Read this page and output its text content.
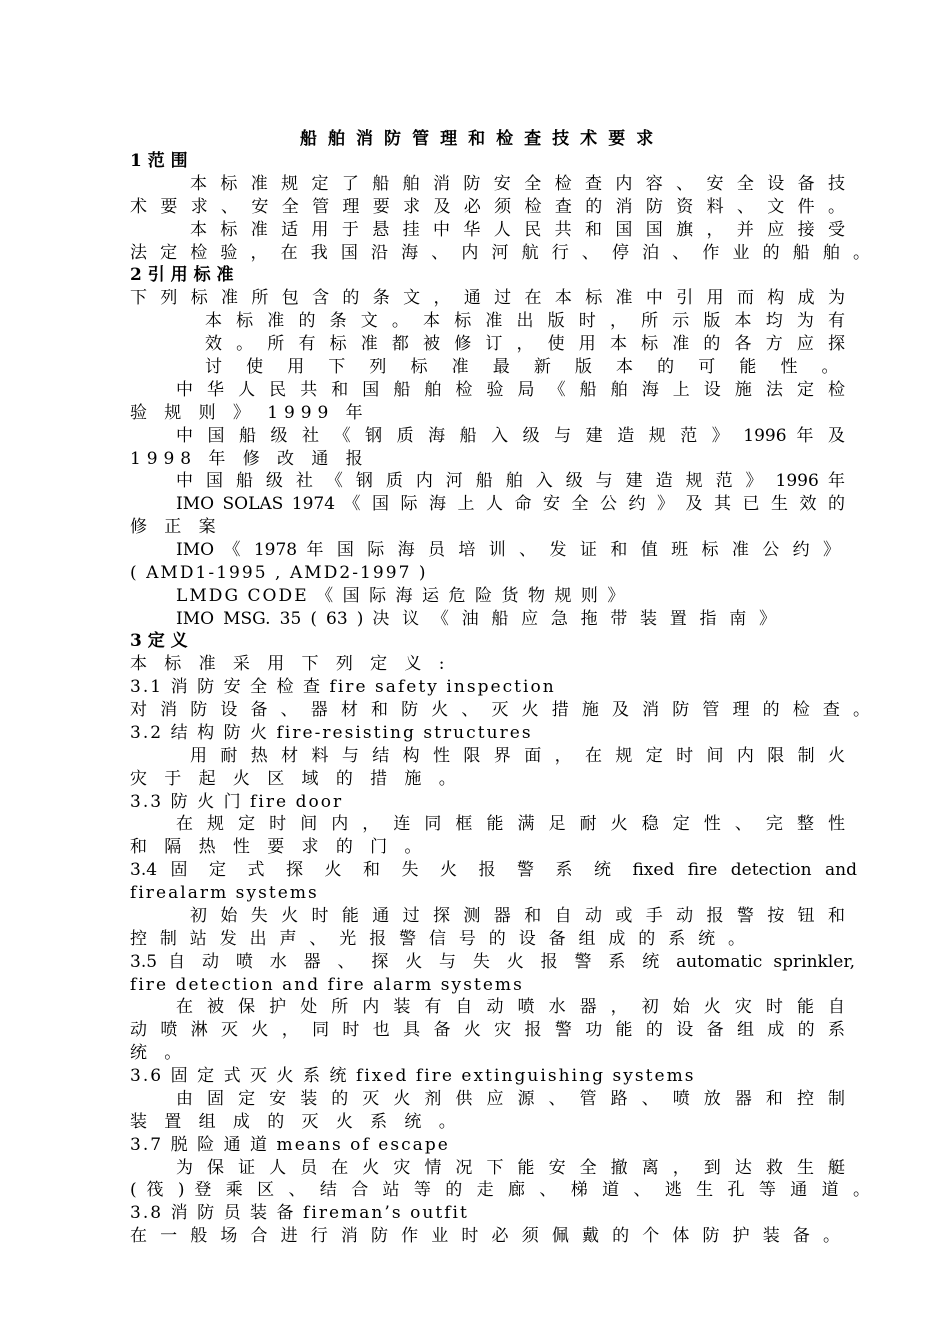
船 舶 消 防 管 理 和 检 查 技 术 要 求
1 范 围
本 标 准 规 定 了 船 舶 消 防 安 全 检 查 内 容 、 安 全 设 备 技
术 要 求 、 安 全 管 理 要 求 及 必 须 检 查 的 消 防 资 料 、 文 件 。
本 标 准 适 用 于 悬 挂 中 华 人 民 共 和 国 国 旗 ， 并 应 接 受
法 定 检 验 ， 在 我 国 沿 海 、 内 河 航 行 、 停 泊 、 作 业 的 船 舶 。
2 引 用 标 准
下 列 标 准 所 包 含 的 条 文 ， 通 过 在 本 标 准 中 引 用 而 构 成 为
本 标 准 的 条 文 。 本 标 准 出 版 时 ， 所 示 版 本 均 为 有
效 。 所 有 标 准 都 被 修 订 ， 使 用 本 标 准 的 各 方 应 探
讨 使 用 下 列 标 准 最 新 版 本 的 可 能 性 。
中 华 人 民 共 和 国 船 舶 检 验 局 《 船 舶 海 上 设 施 法 定 检
验 规 则 》 1999 年
中 国 船 级 社 《 钢 质 海 船 入 级 与 建 造 规 范 》 1996 年 及
1998 年 修 改 通 报
中 国 船 级 社 《 钢 质 内 河 船 舶 入 级 与 建 造 规 范 》 1996 年
IMO SOLAS 1974 《 国 际 海 上 人 命 安 全 公 约 》 及 其 已 生 效 的
修 正 案
IMO 《 1978 年 国 际 海 员 培 训 、 发 证 和 值 班 标 准 公 约 》
( AMD1-1995 , AMD2-1997 )
LMDG CODE 《 国 际 海 运 危 险 货 物 规 则 》
IMO MSG. 35 ( 63 ) 决 议 《 油 船 应 急 拖 带 装 置 指 南 》
3 定 义
本 标 准 采 用 下 列 定 义 :
3.1 消 防 安 全 检 查 fire safety inspection
对 消 防 设 备 、 器 材 和 防 火 、 灭 火 措 施 及 消 防 管 理 的 检 查 。
3.2 结 构 防 火 fire-resisting structures
用 耐 热 材 料 与 结 构 性 限 界 面 ， 在 规 定 时 间 内 限 制 火
灾 于 起 火 区 域 的 措 施 。
3.3 防 火 门 fire door
在 规 定 时 间 内 ， 连 同 框 能 满 足 耐 火 稳 定 性 、 完 整 性
和 隔 热 性 要 求 的 门 。
3.4 固 定 式 探 火 和 失 火 报 警 系 统 fixed fire detection and
firealarm systems
初 始 失 火 时 能 通 过 探 测 器 和 自 动 或 手 动 报 警 按 钮 和
控 制 站 发 出 声 、 光 报 警 信 号 的 设 备 组 成 的 系 统 。
3.5 自 动 喷 水 器 、 探 火 与 失 火 报 警 系 统 automatic sprinkler,
fire detection and fire alarm systems
在 被 保 护 处 所 内 装 有 自 动 喷 水 器 ， 初 始 火 灾 时 能 自
动 喷 淋 灭 火 ， 同 时 也 具 备 火 灾 报 警 功 能 的 设 备 组 成 的 系
统 。
3.6 固 定 式 灭 火 系 统 fixed fire extinguishing systems
由 固 定 安 装 的 灭 火 剂 供 应 源 、 管 路 、 喷 放 器 和 控 制
装 置 组 成 的 灭 火 系 统 。
3.7 脱 险 通 道 means of escape
为 保 证 人 员 在 火 灾 情 况 下 能 安 全 撤 离 ， 到 达 救 生 艇
( 筏 ) 登 乘 区 、 结 合 站 等 的 走 廊 、 梯 道 、 逃 生 孔 等 通 道 。
3.8 消 防 员 装 备 fireman’s outfit
在 一 般 场 合 进 行 消 防 作 业 时 必 须 佩 戴 的 个 体 防 护 装 备 。
